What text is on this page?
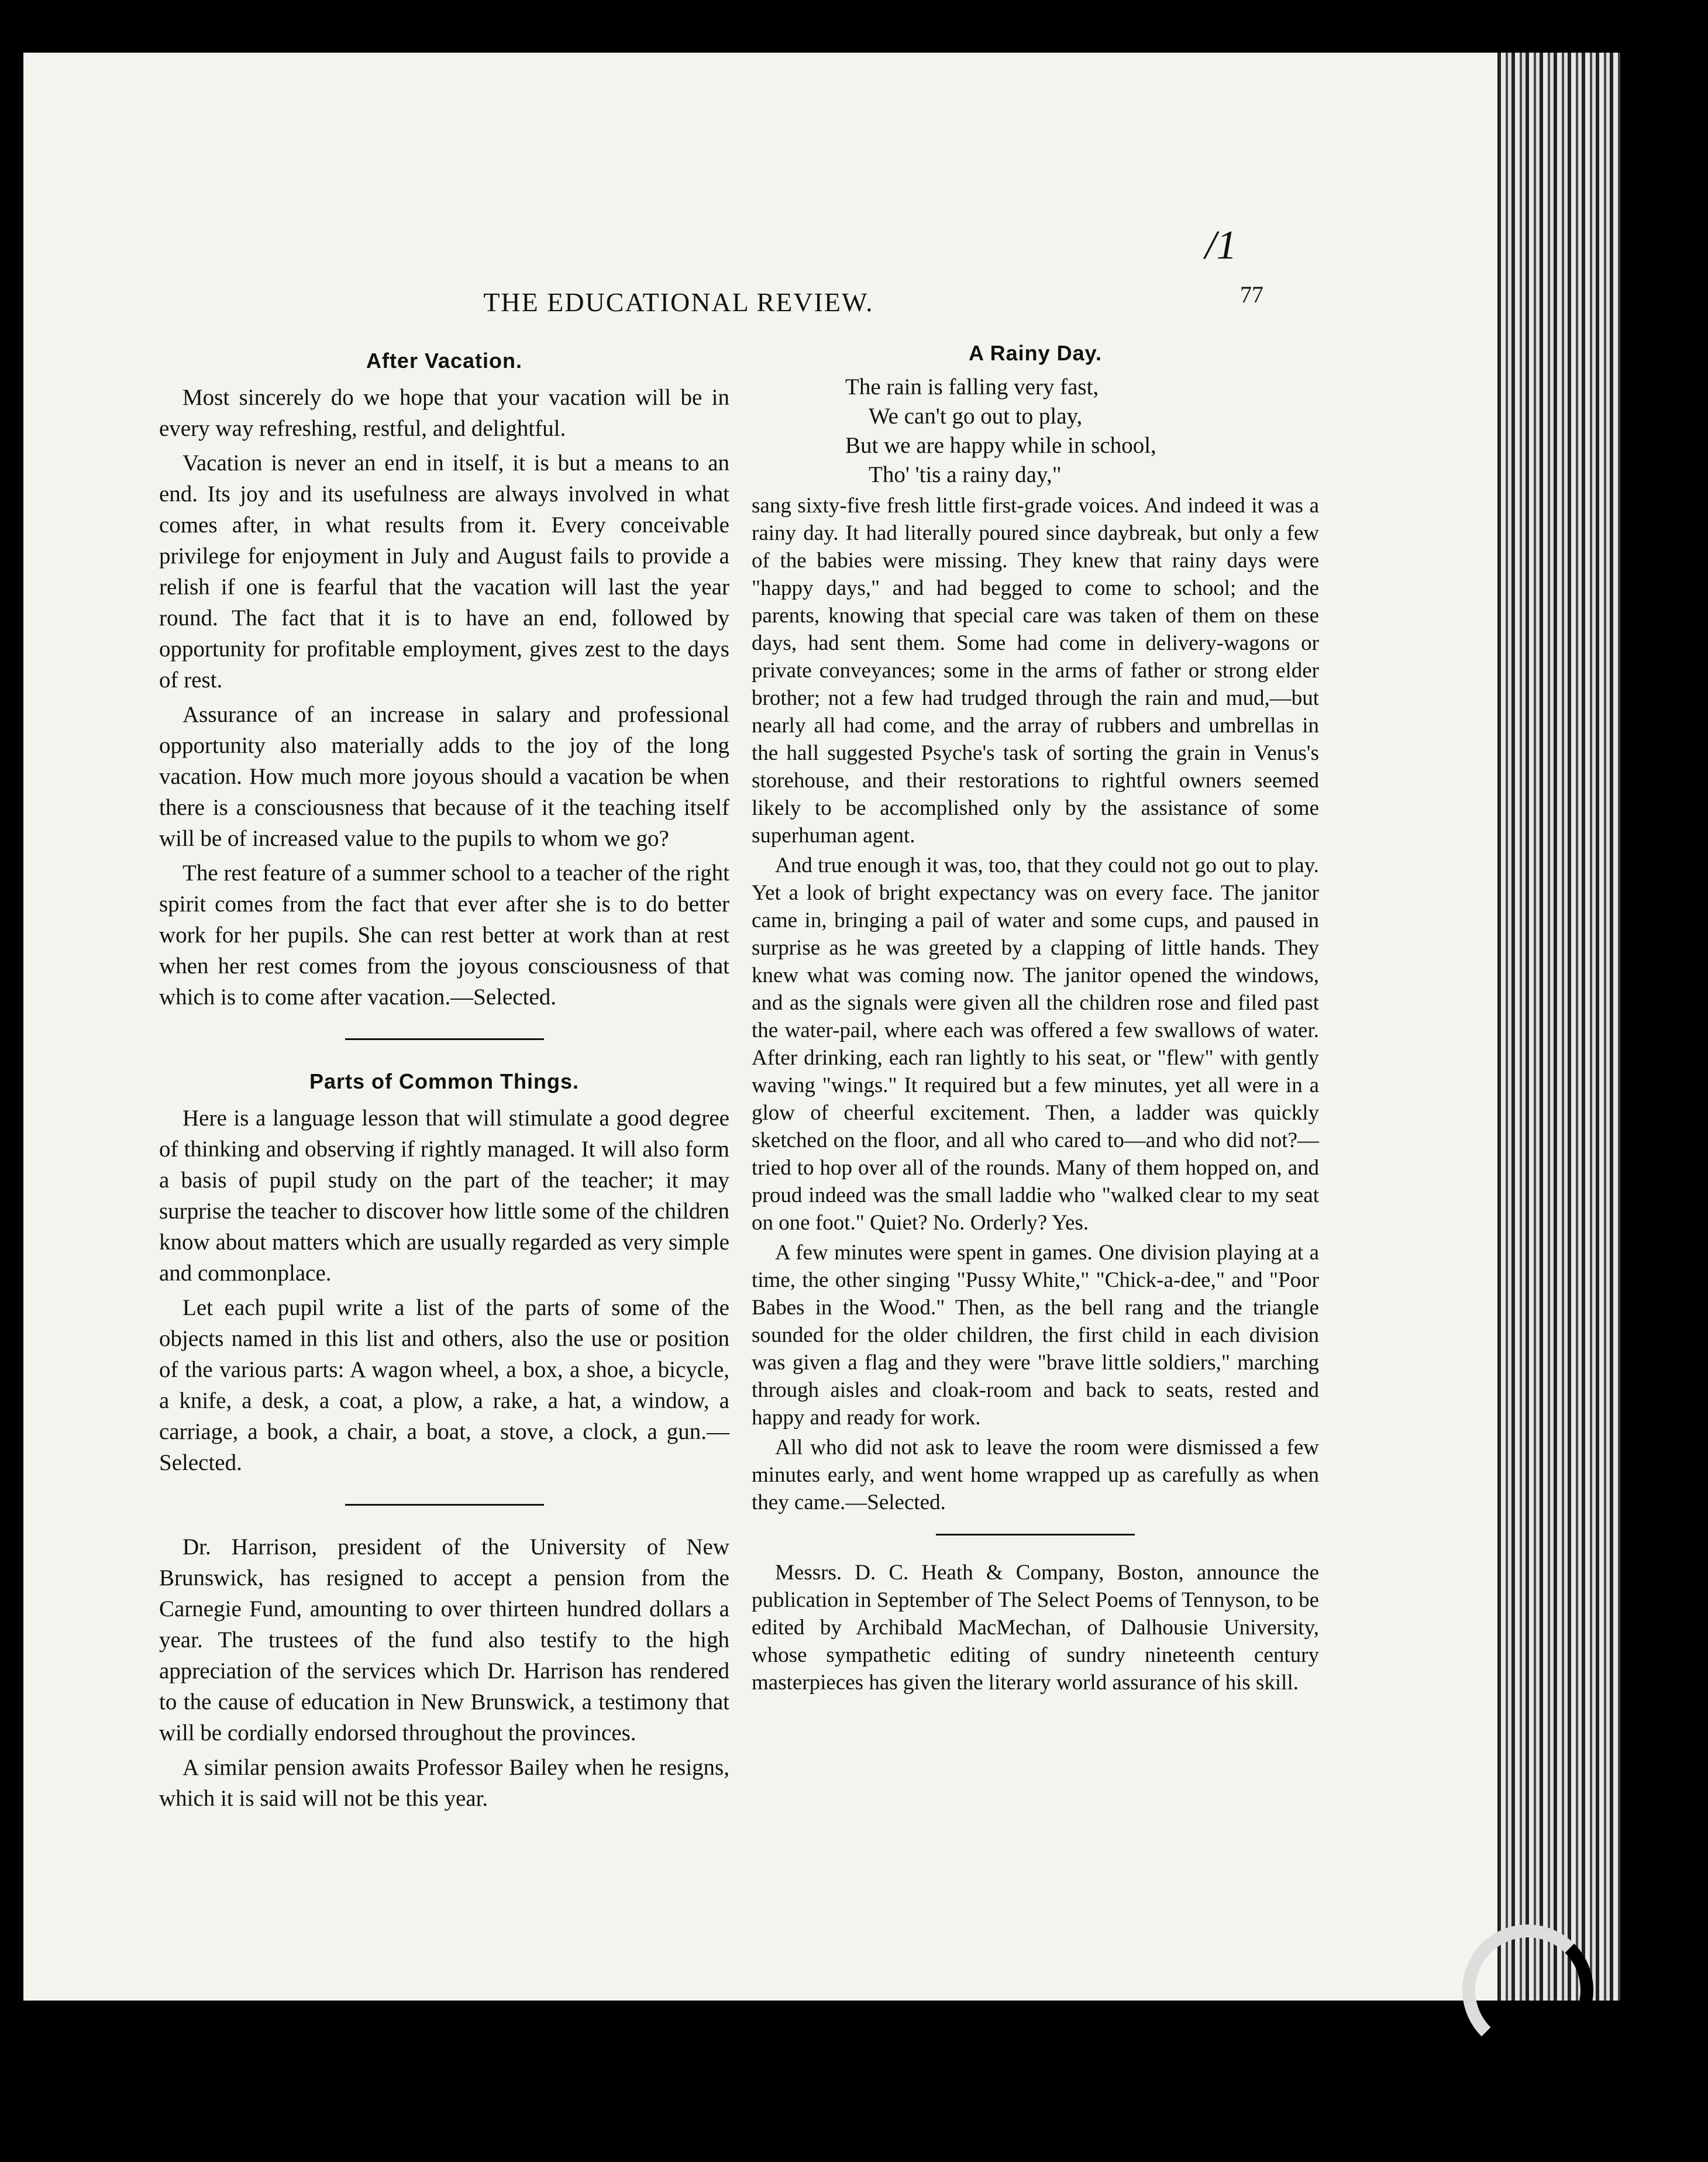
/1
THE EDUCATIONAL REVIEW.	77
After Vacation.

Most sincerely do we hope that your vacation will be in every way refreshing, restful, and delightful.

Vacation is never an end in itself, it is but a means to an end. Its joy and its usefulness are always involved in what comes after, in what results from it. Every conceivable privilege for enjoyment in July and August fails to provide a relish if one is fearful that the vacation will last the year round. The fact that it is to have an end, followed by opportunity for profitable employment, gives zest to the days of rest.

Assurance of an increase in salary and professional opportunity also materially adds to the joy of the long vacation. How much more joyous should a vacation be when there is a consciousness that because of it the teaching itself will be of increased value to the pupils to whom we go?

The rest feature of a summer school to a teacher of the right spirit comes from the fact that ever after she is to do better work for her pupils. She can rest better at work than at rest when her rest comes from the joyous consciousness of that which is to come after vacation.—Selected.

Parts of Common Things.

Here is a language lesson that will stimulate a good degree of thinking and observing if rightly managed. It will also form a basis of pupil study on the part of the teacher; it may surprise the teacher to discover how little some of the children know about matters which are usually regarded as very simple and commonplace.

Let each pupil write a list of the parts of some of the objects named in this list and others, also the use or position of the various parts: A wagon wheel, a box, a shoe, a bicycle, a knife, a desk, a coat, a plow, a rake, a hat, a window, a carriage, a book, a chair, a boat, a stove, a clock, a gun.—Selected.

Dr. Harrison, president of the University of New Brunswick, has resigned to accept a pension from the Carnegie Fund, amounting to over thirteen hundred dollars a year. The trustees of the fund also testify to the high appreciation of the services which Dr. Harrison has rendered to the cause of education in New Brunswick, a testimony that will be cordially endorsed throughout the provinces.

A similar pension awaits Professor Bailey when he resigns, which it is said will not be this year.

A Rainy Day.
The rain is falling very fast,
We can't go out to play,
But we are happy while in school,
Tho' 'tis a rainy day,"

sang sixty-five fresh little first-grade voices. And indeed it was a rainy day. It had literally poured since daybreak, but only a few of the babies were missing. They knew that rainy days were "happy days," and had begged to come to school; and the parents, knowing that special care was taken of them on these days, had sent them. Some had come in delivery-wagons or private conveyances; some in the arms of father or strong elder brother; not a few had trudged through the rain and mud,—but nearly all had come, and the array of rubbers and umbrellas in the hall suggested Psyche's task of sorting the grain in Venus's storehouse, and their restorations to rightful owners seemed likely to be accomplished only by the assistance of some superhuman agent.

And true enough it was, too, that they could not go out to play. Yet a look of bright expectancy was on every face. The janitor came in, bringing a pail of water and some cups, and paused in surprise as he was greeted by a clapping of little hands. They knew what was coming now. The janitor opened the windows, and as the signals were given all the children rose and filed past the water-pail, where each was offered a few swallows of water. After drinking, each ran lightly to his seat, or "flew" with gently waving "wings." It required but a few minutes, yet all were in a glow of cheerful excitement. Then, a ladder was quickly sketched on the floor, and all who cared to—and who did not?—tried to hop over all of the rounds. Many of them hopped on, and proud indeed was the small laddie who "walked clear to my seat on one foot." Quiet? No. Orderly? Yes.

A few minutes were spent in games. One division playing at a time, the other singing "Pussy White," "Chick-a-dee," and "Poor Babes in the Wood." Then, as the bell rang and the triangle sounded for the older children, the first child in each division was given a flag and they were "brave little soldiers," marching through aisles and cloak-room and back to seats, rested and happy and ready for work.

All who did not ask to leave the room were dismissed a few minutes early, and went home wrapped up as carefully as when they came.—Selected.

Messrs. D. C. Heath & Company, Boston, announce the publication in September of The Select Poems of Tennyson, to be edited by Archibald MacMechan, of Dalhousie University, whose sympathetic editing of sundry nineteenth century masterpieces has given the literary world assurance of his skill.
